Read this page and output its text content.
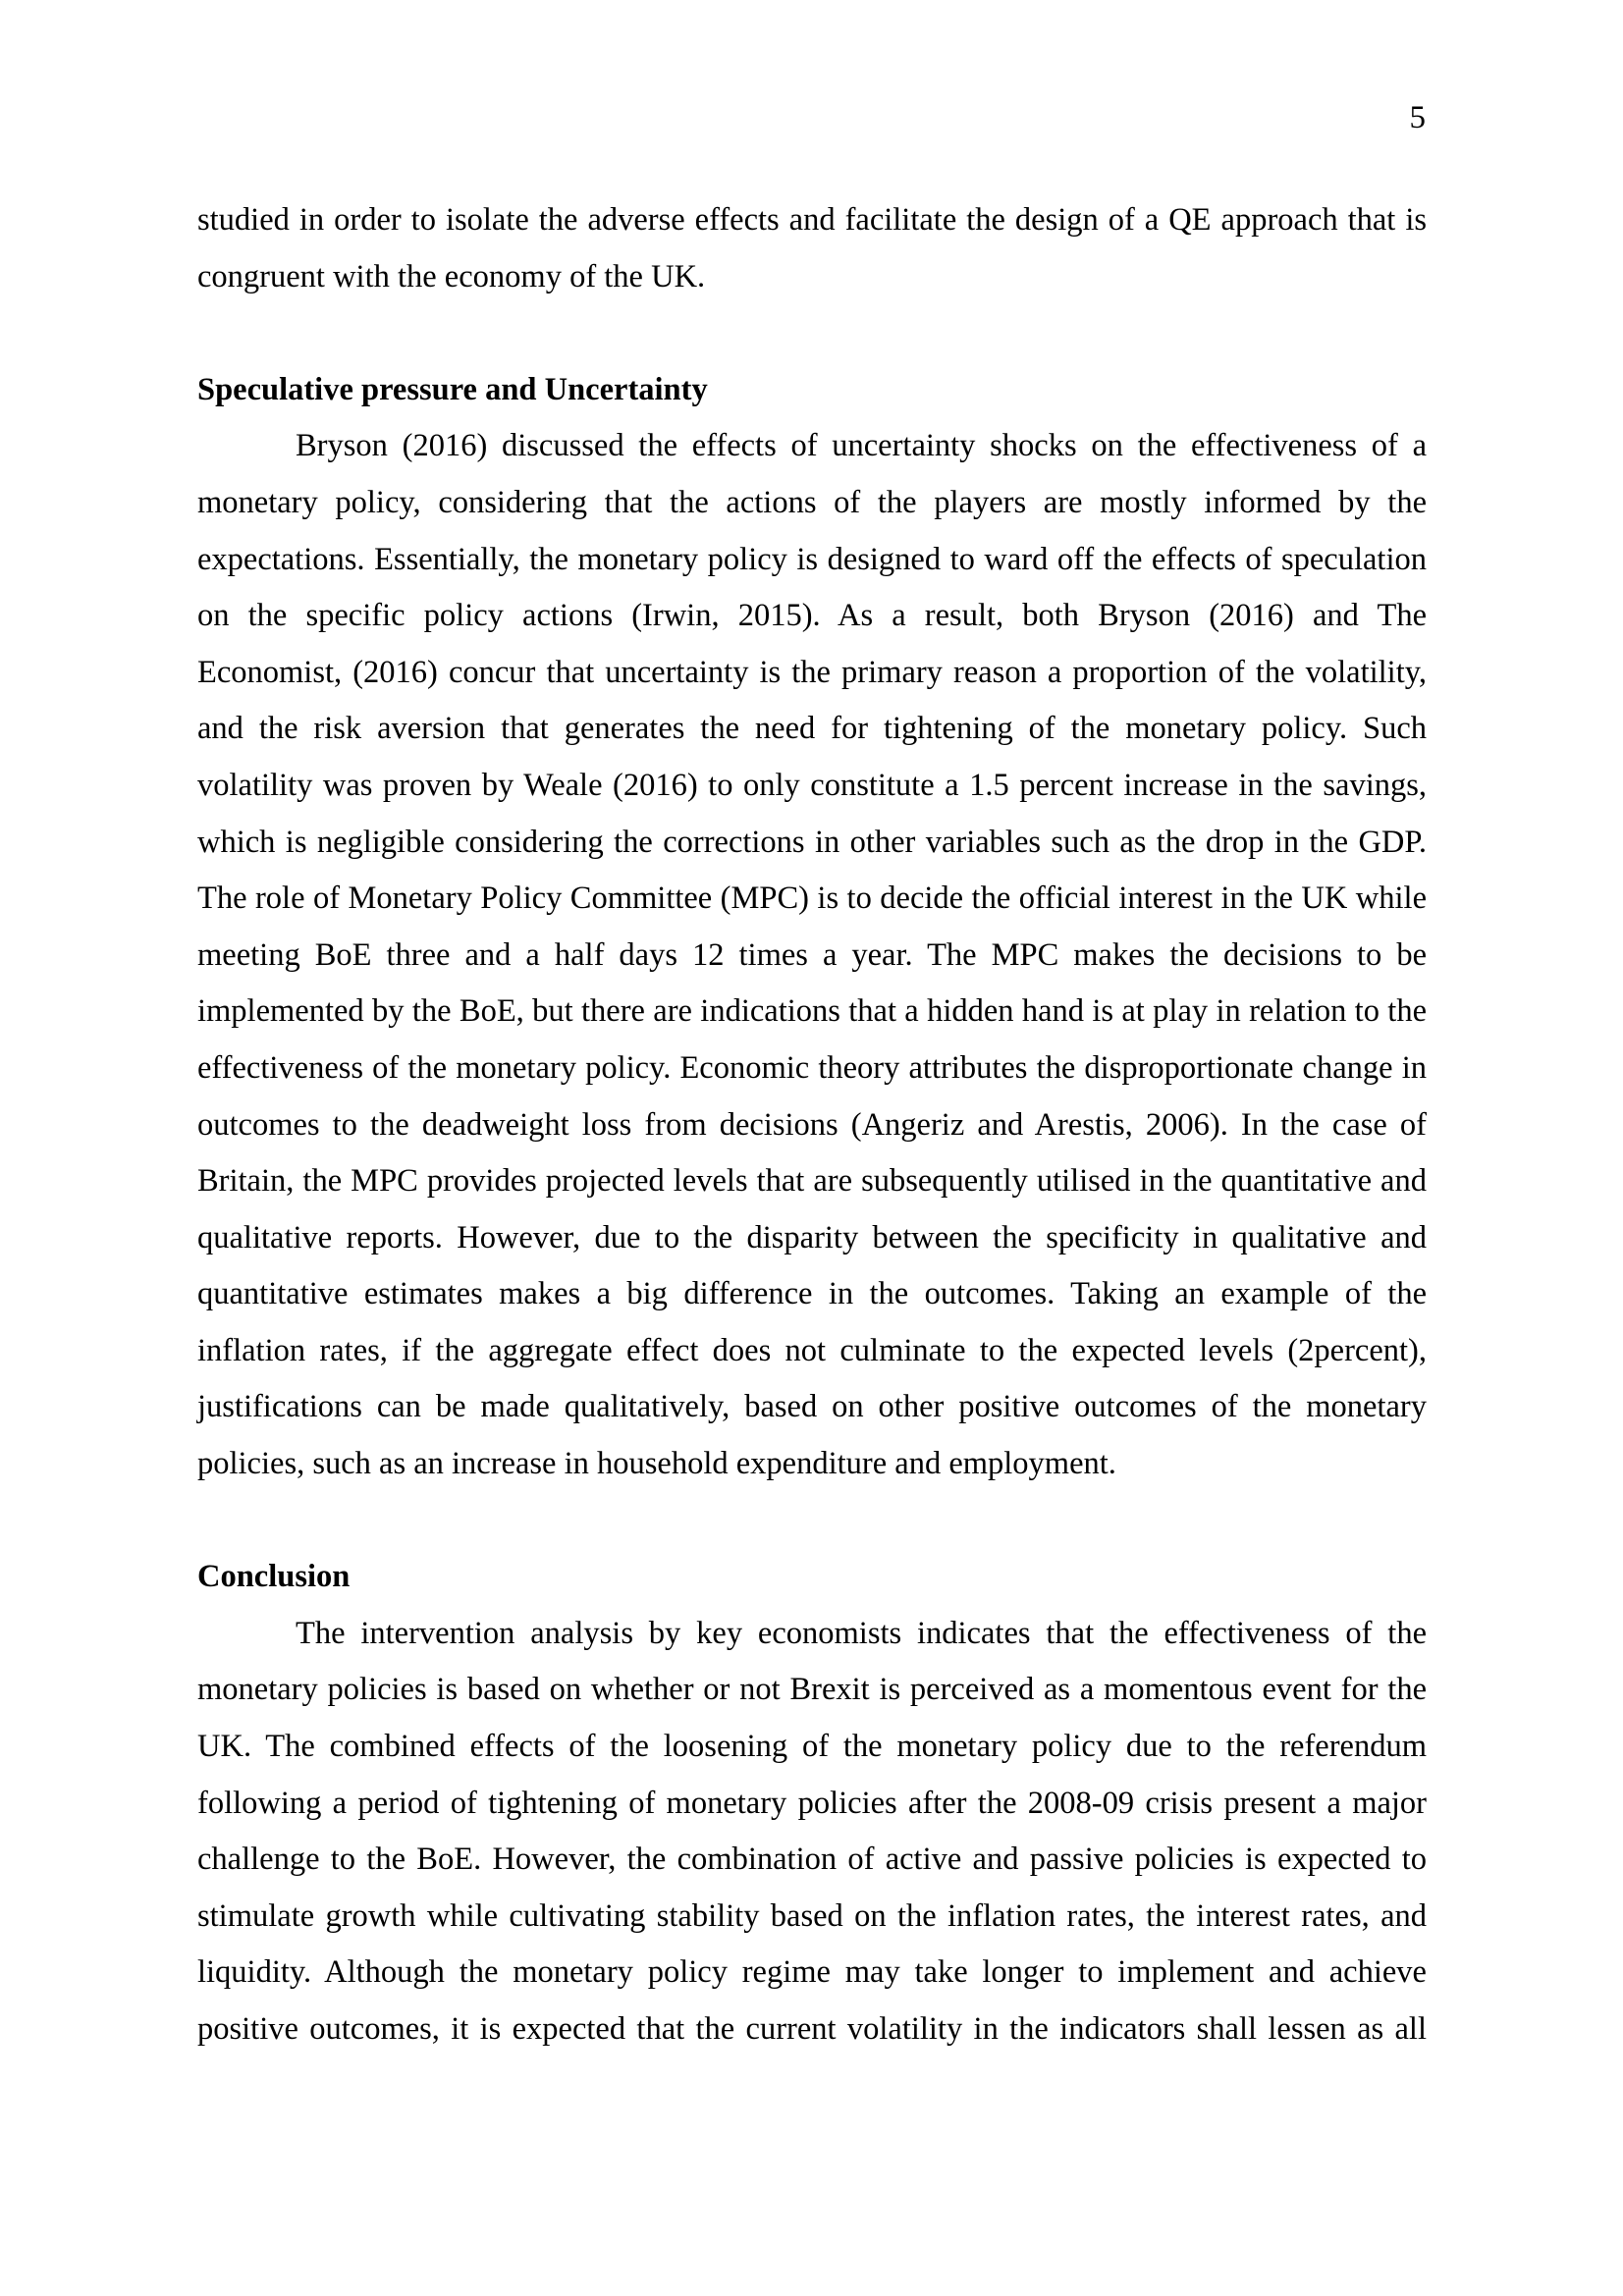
5

studied in order to isolate the adverse effects and facilitate the design of a QE approach that is congruent with the economy of the UK.

Speculative pressure and Uncertainty

Bryson (2016) discussed the effects of uncertainty shocks on the effectiveness of a monetary policy, considering that the actions of the players are mostly informed by the expectations. Essentially, the monetary policy is designed to ward off the effects of speculation on the specific policy actions (Irwin, 2015). As a result, both Bryson (2016) and The Economist, (2016) concur that uncertainty is the primary reason a proportion of the volatility, and the risk aversion that generates the need for tightening of the monetary policy. Such volatility was proven by Weale (2016) to only constitute a 1.5 percent increase in the savings, which is negligible considering the corrections in other variables such as the drop in the GDP. The role of Monetary Policy Committee (MPC) is to decide the official interest in the UK while meeting BoE three and a half days 12 times a year. The MPC makes the decisions to be implemented by the BoE, but there are indications that a hidden hand is at play in relation to the effectiveness of the monetary policy. Economic theory attributes the disproportionate change in outcomes to the deadweight loss from decisions (Angeriz and Arestis, 2006). In the case of Britain, the MPC provides projected levels that are subsequently utilised in the quantitative and qualitative reports. However, due to the disparity between the specificity in qualitative and quantitative estimates makes a big difference in the outcomes. Taking an example of the inflation rates, if the aggregate effect does not culminate to the expected levels (2percent), justifications can be made qualitatively, based on other positive outcomes of the monetary policies, such as an increase in household expenditure and employment.

Conclusion

The intervention analysis by key economists indicates that the effectiveness of the monetary policies is based on whether or not Brexit is perceived as a momentous event for the UK. The combined effects of the loosening of the monetary policy due to the referendum following a period of tightening of monetary policies after the 2008-09 crisis present a major challenge to the BoE. However, the combination of active and passive policies is expected to stimulate growth while cultivating stability based on the inflation rates, the interest rates, and liquidity. Although the monetary policy regime may take longer to implement and achieve positive outcomes, it is expected that the current volatility in the indicators shall lessen as all
